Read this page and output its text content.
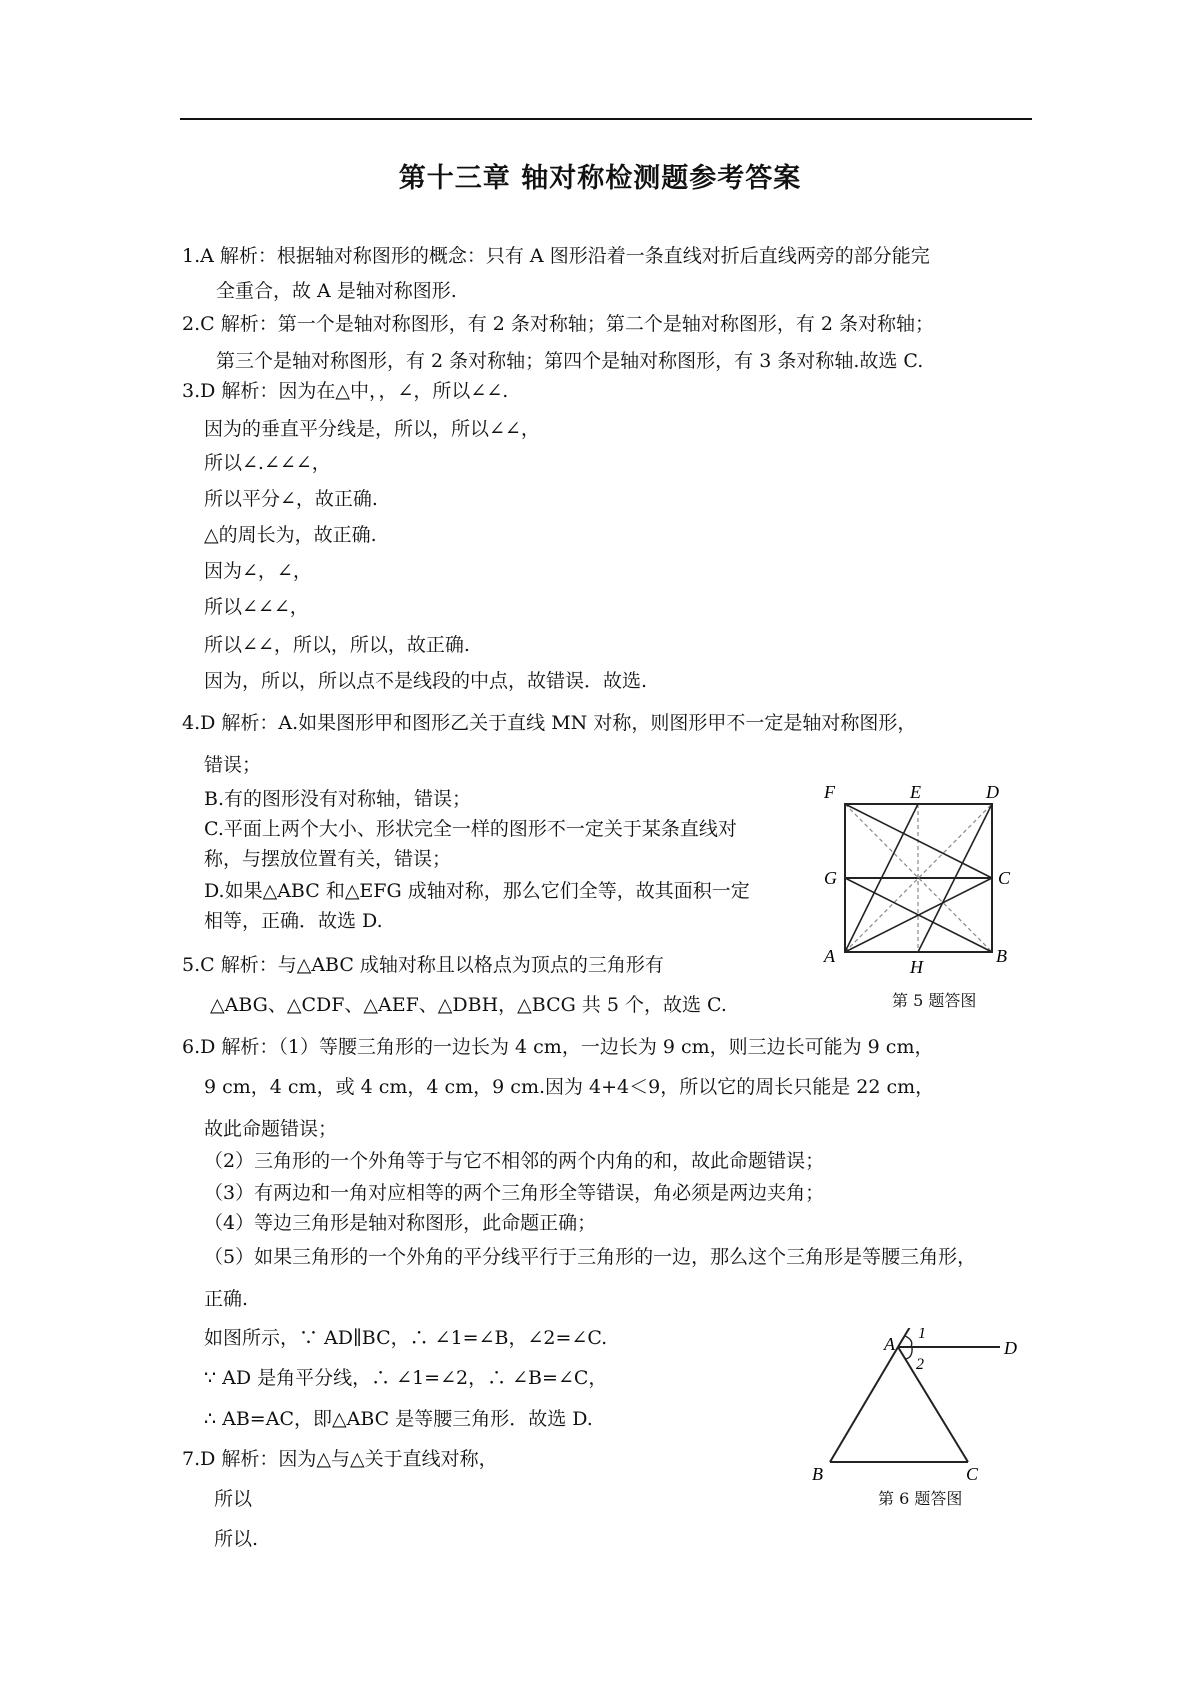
第十三章 轴对称检测题参考答案
1.A 解析：根据轴对称图形的概念：只有 A 图形沿着一条直线对折后直线两旁的部分能完
全重合，故 A 是轴对称图形.
2.C 解析：第一个是轴对称图形，有 2 条对称轴；第二个是轴对称图形，有 2 条对称轴；
第三个是轴对称图形，有 2 条对称轴；第四个是轴对称图形，有 3 条对称轴.故选 C.
3.D 解析：因为在△中，，∠，所以∠∠.
因为的垂直平分线是，所以，所以∠∠，
所以∠.∠∠∠，
所以平分∠，故正确.
△的周长为，故正确.
因为∠，∠，
所以∠∠∠，
所以∠∠，所以，所以，故正确.
因为，所以，所以点不是线段的中点，故错误．故选.
4.D 解析：A.如果图形甲和图形乙关于直线 MN 对称，则图形甲不一定是轴对称图形，
错误；
B.有的图形没有对称轴，错误；
C.平面上两个大小、形状完全一样的图形不一定关于某条直线对
称，与摆放位置有关，错误；
D.如果△ABC 和△EFG 成轴对称，那么它们全等，故其面积一定
相等，正确．故选 D.
5.C 解析：与△ABC 成轴对称且以格点为顶点的三角形有
△ABG、△CDF、△AEF、△DBH，△BCG 共 5 个，故选 C.
F	E	D
G	C
A
H
B
第 5 题答图
6.D 解析：（1）等腰三角形的一边长为 4 cm，一边长为 9 cm，则三边长可能为 9 cm，
9 cm，4 cm，或 4 cm，4 cm，9 cm.因为 4+4＜9，所以它的周长只能是 22 cm，
故此命题错误；
（2）三角形的一个外角等于与它不相邻的两个内角的和，故此命题错误；
（3）有两边和一角对应相等的两个三角形全等错误，角必须是两边夹角；
（4）等边三角形是轴对称图形，此命题正确；
（5）如果三角形的一个外角的平分线平行于三角形的一边，那么这个三角形是等腰三角形，
正确.
如图所示，∵ AD∥BC，∴ ∠1=∠B，∠2=∠C.
∵ AD 是角平分线，∴ ∠1=∠2，∴ ∠B=∠C，
∴ AB=AC，即△ABC 是等腰三角形．故选 D.
A	D
B	C
1
2
第 6 题答图
7.D 解析：因为△与△关于直线对称，
所以
所以.
